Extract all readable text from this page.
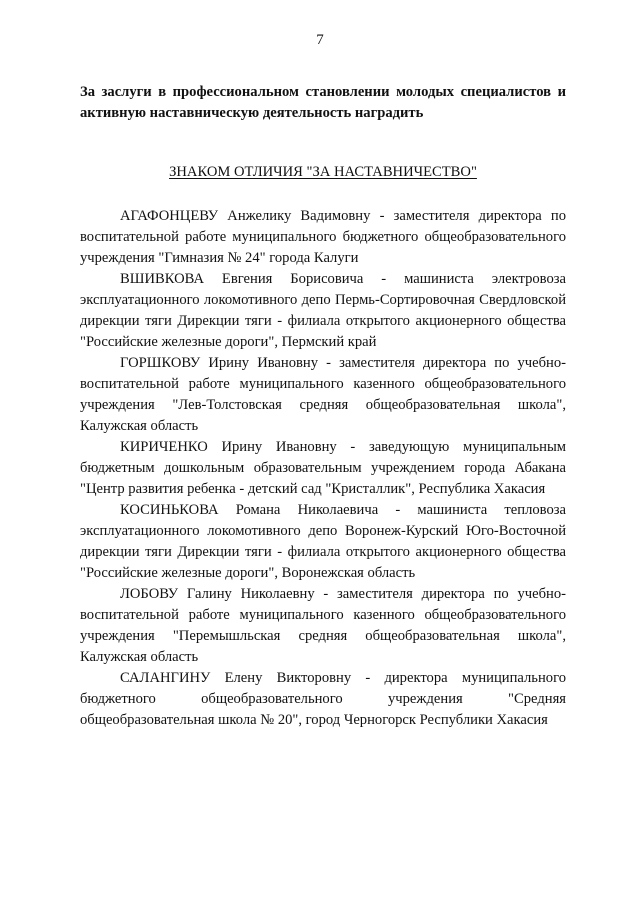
7

За заслуги в профессиональном становлении молодых специалистов и активную наставническую деятельность наградить

ЗНАКОМ ОТЛИЧИЯ "ЗА НАСТАВНИЧЕСТВО"

АГАФОНЦЕВУ Анжелику Вадимовну - заместителя директора по воспитательной работе муниципального бюджетного общеобразовательного учреждения "Гимназия № 24" города Калуги

ВШИВКОВА Евгения Борисовича - машиниста электровоза эксплуатационного локомотивного депо Пермь-Сортировочная Свердловской дирекции тяги Дирекции тяги - филиала открытого акционерного общества "Российские железные дороги", Пермский край

ГОРШКОВУ Ирину Ивановну - заместителя директора по учебно-воспитательной работе муниципального казенного общеобразовательного учреждения "Лев-Толстовская средняя общеобразовательная школа", Калужская область

КИРИЧЕНКО Ирину Ивановну - заведующую муниципальным бюджетным дошкольным образовательным учреждением города Абакана "Центр развития ребенка - детский сад "Кристаллик", Республика Хакасия

КОСИНЬКОВА Романа Николаевича - машиниста тепловоза эксплуатационного локомотивного депо Воронеж-Курский Юго-Восточной дирекции тяги Дирекции тяги - филиала открытого акционерного общества "Российские железные дороги", Воронежская область

ЛОБОВУ Галину Николаевну - заместителя директора по учебно-воспитательной работе муниципального казенного общеобразовательного учреждения "Перемышльская средняя общеобразовательная школа", Калужская область

САЛАНГИНУ Елену Викторовну - директора муниципального бюджетного общеобразовательного учреждения "Средняя общеобразовательная школа № 20", город Черногорск Республики Хакасия
